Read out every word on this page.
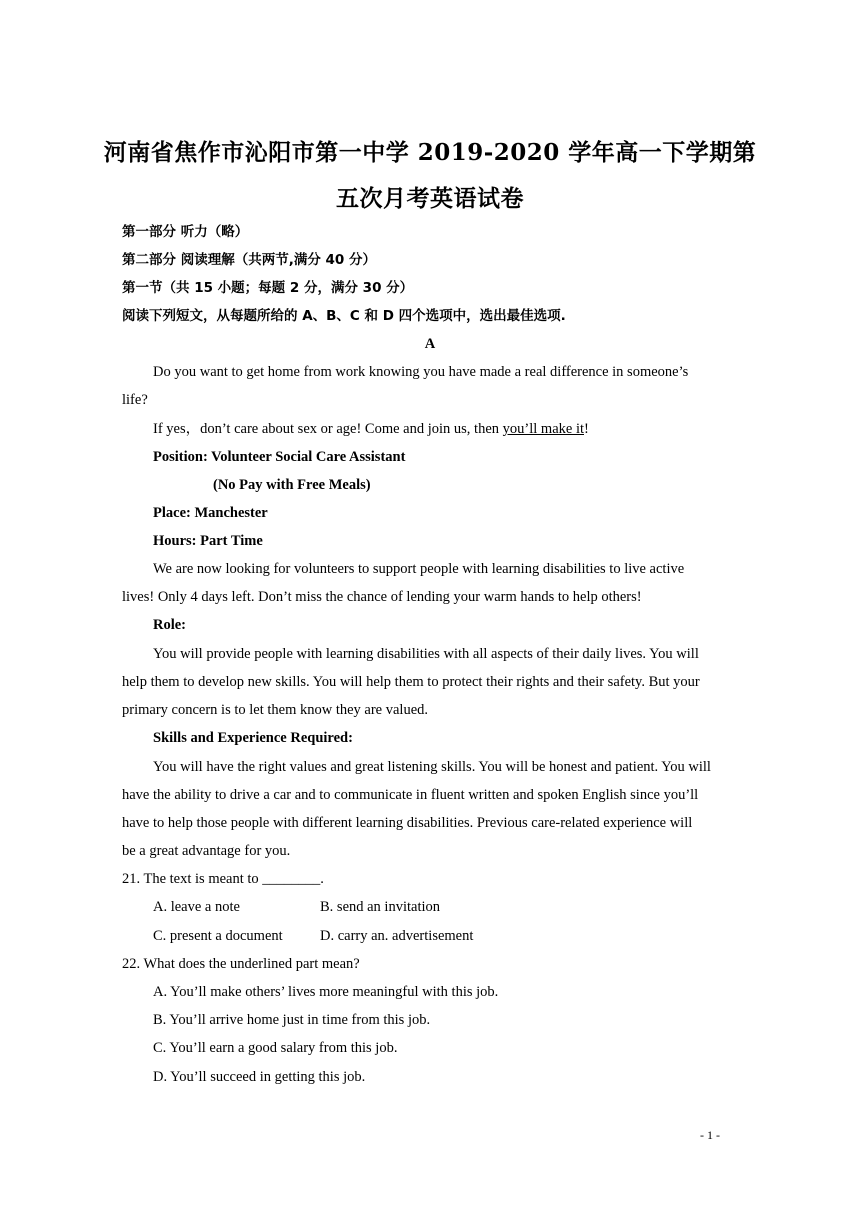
河南省焦作市沁阳市第一中学 2019-2020 学年高一下学期第
五次月考英语试卷
第一部分 听力（略）
第二部分 阅读理解（共两节,满分 40 分）
第一节（共 15 小题；每题 2 分，满分 30 分）
阅读下列短文，从每题所给的 A、B、C 和 D 四个选项中，选出最佳选项.
A
Do you want to get home from work knowing you have made a real difference in someone’s
life?
If yes，don’t care about sex or age! Come and join us, then you’ll make it!
Position: Volunteer Social Care Assistant
(No Pay with Free Meals)
Place: Manchester
Hours: Part Time
We are now looking for volunteers to support people with learning disabilities to live active
lives! Only 4 days left. Don’t miss the chance of lending your warm hands to help others!
Role:
You will provide people with learning disabilities with all aspects of their daily lives. You will
help them to develop new skills. You will help them to protect their rights and their safety. But your
primary concern is to let them know they are valued.
Skills and Experience Required:
You will have the right values and great listening skills. You will be honest and patient. You will
have the ability to drive a car and to communicate in fluent written and spoken English since you’ll
have to help those people with different learning disabilities. Previous care-related experience will
be a great advantage for you.
21. The text is meant to ________.
A. leave a note	B. send an invitation
C. present a document	D. carry an. advertisement
22. What does the underlined part mean?
A. You’ll make others’ lives more meaningful with this job.
B. You’ll arrive home just in time from this job.
C. You’ll earn a good salary from this job.
D. You’ll succeed in getting this job.
- 1 -
